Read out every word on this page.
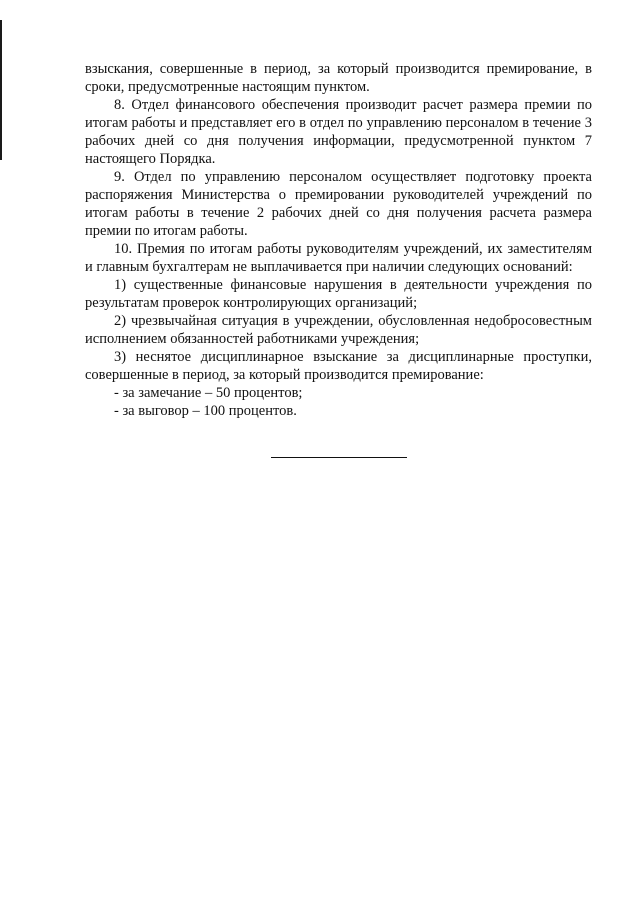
взыскания, совершенные в период, за который производится премирование, в сроки, предусмотренные настоящим пунктом.

8. Отдел финансового обеспечения производит расчет размера премии по итогам работы и представляет его в отдел по управлению персоналом в течение 3 рабочих дней со дня получения информации, предусмотренной пунктом 7 настоящего Порядка.

9. Отдел по управлению персоналом осуществляет подготовку проекта распоряжения Министерства о премировании руководителей учреждений по итогам работы в течение 2 рабочих дней со дня получения расчета размера премии по итогам работы.

10. Премия по итогам работы руководителям учреждений, их заместителям и главным бухгалтерам не выплачивается при наличии следующих оснований:

1) существенные финансовые нарушения в деятельности учреждения по результатам проверок контролирующих организаций;

2) чрезвычайная ситуация в учреждении, обусловленная недобросовестным исполнением обязанностей работниками учреждения;

3) неснятое дисциплинарное взыскание за дисциплинарные проступки, совершенные в период, за который производится премирование:

- за замечание – 50 процентов;

- за выговор – 100 процентов.
